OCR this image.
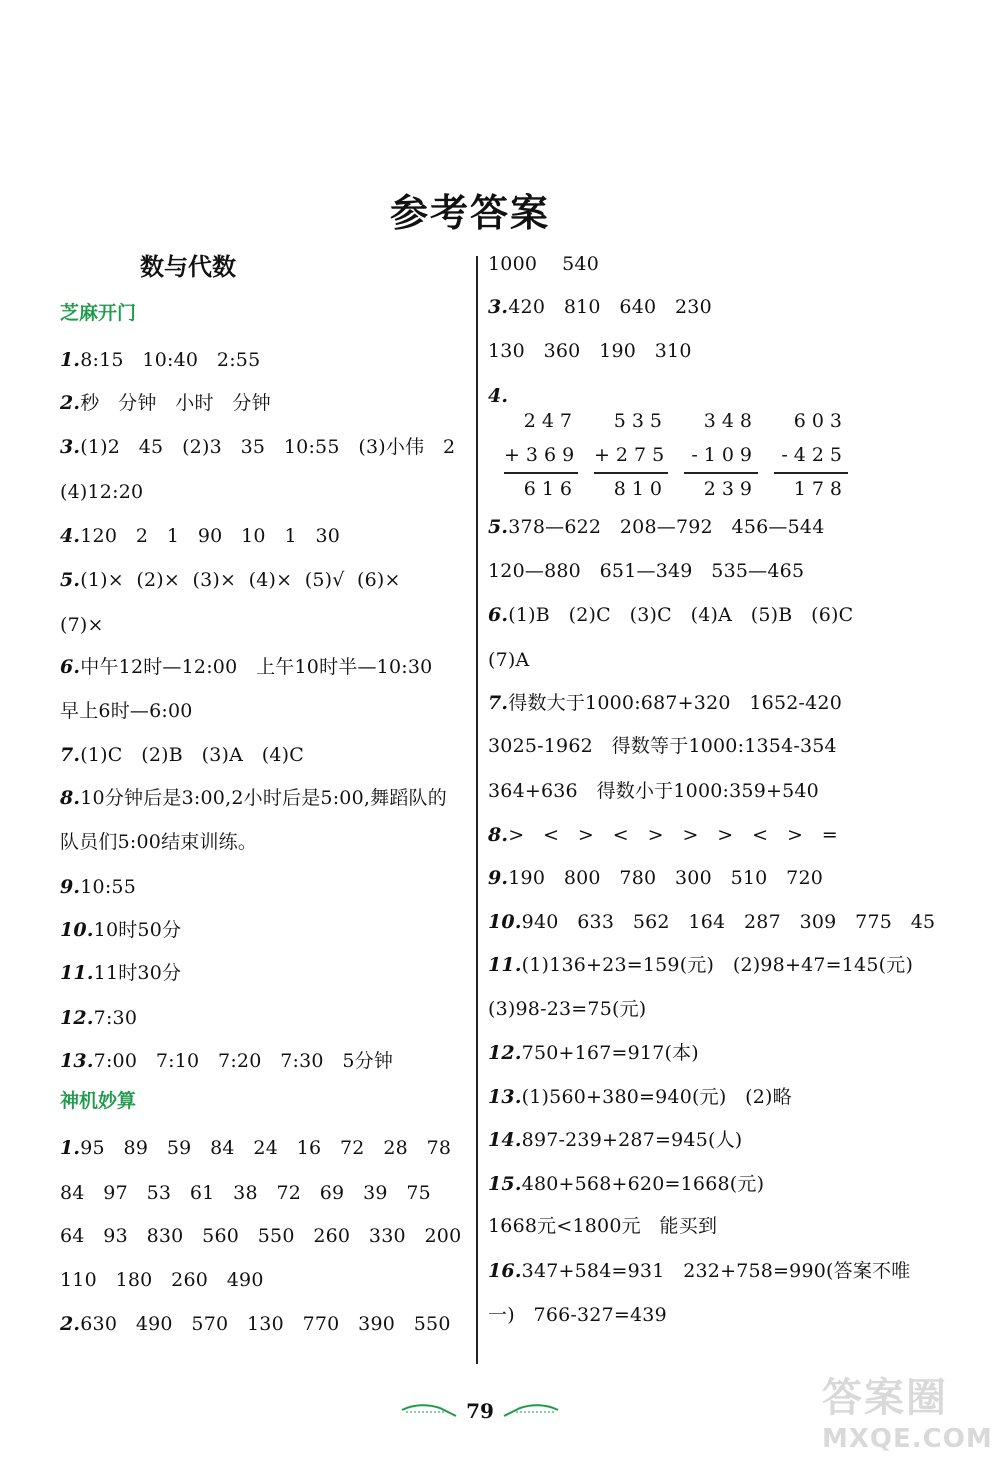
参考答案
数与代数
芝麻开门
1.8:15   10:40   2:55
2.秒   分钟   小时   分钟
3.(1)2   45   (2)3   35   10:55   (3)小伟   2
(4)12:20
4.120   2   1   90   10   1   30
5.(1)×  (2)×  (3)×  (4)×  (5)√  (6)×
(7)×
6.中午12时—12:00   上午10时半—10:30
早上6时—6:00
7.(1)C   (2)B   (3)A   (4)C
8.10分钟后是3:00,2小时后是5:00,舞蹈队的
队员们5:00结束训练。
9.10:55
10.10时50分
11.11时30分
12.7:30
13.7:00   7:10   7:20   7:30   5分钟
神机妙算
1.95   89   59   84   24   16   72   28   78
84   97   53   61   38   72   69   39   75
64   93   830   560   550   260   330   200
110   180   260   490
2.630   490   570   130   770   390   550
247
+369
616
535
+275
810
348
-109
239
603
-425
178
1000    540
3.420   810   640   230
130   360   190   310
4.
5.378—622   208—792   456—544
120—880   651—349   535—465
6.(1)B   (2)C   (3)C   (4)A   (5)B   (6)C
(7)A
7.得数大于1000:687+320   1652-420
3025-1962   得数等于1000:1354-354
364+636   得数小于1000:359+540
8.>   <   >   <   >   >   >   <   >   =
9.190   800   780   300   510   720
10.940   633   562   164   287   309   775   45
11.(1)136+23=159(元)   (2)98+47=145(元)
(3)98-23=75(元)
12.750+167=917(本)
13.(1)560+380=940(元)   (2)略
14.897-239+287=945(人)
15.480+568+620=1668(元)
1668元<1800元   能买到
16.347+584=931   232+758=990(答案不唯
一)   766-327=439
79	答案圈
MXQE.COM
